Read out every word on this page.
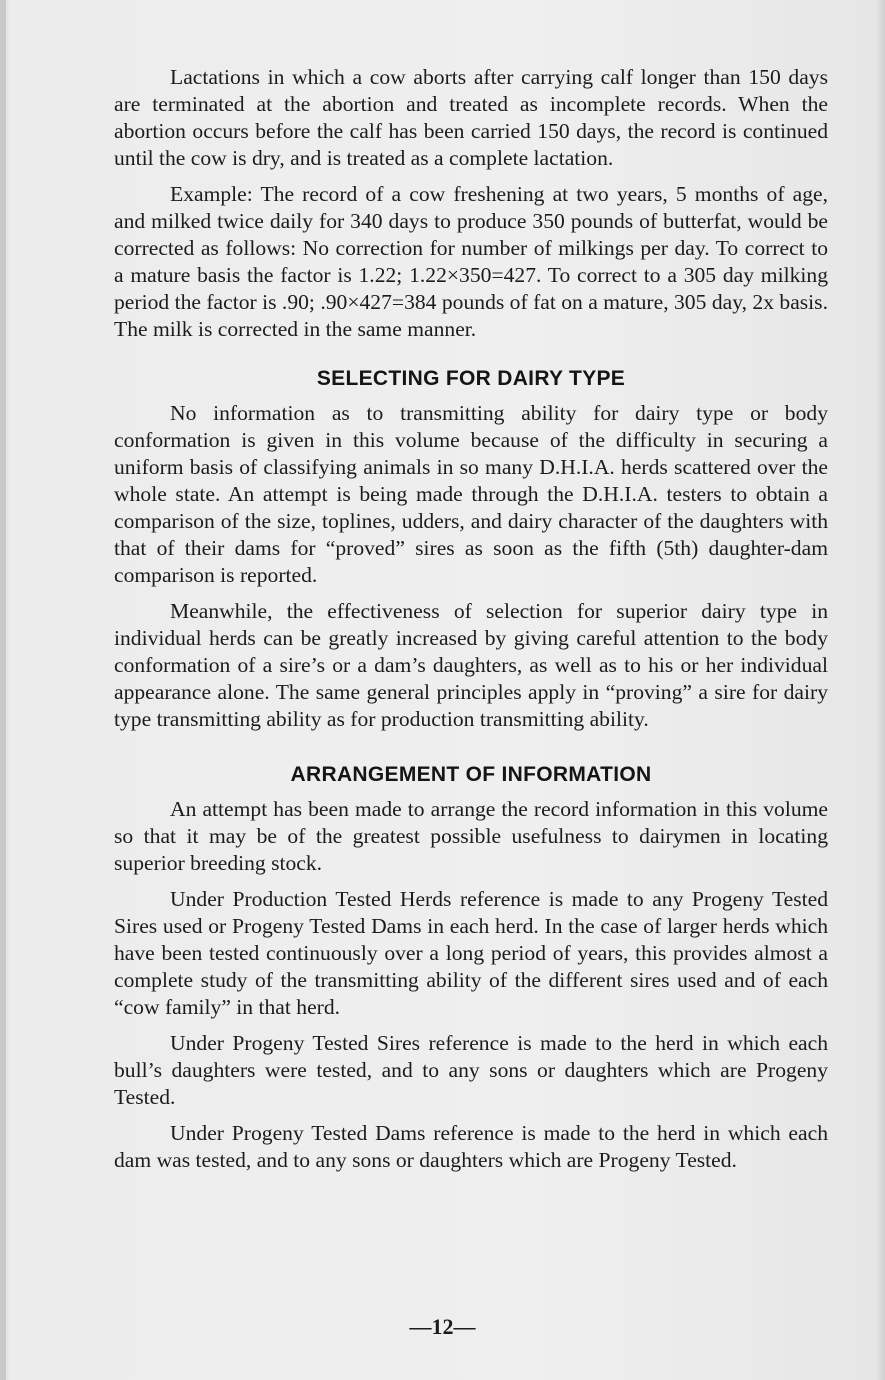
Lactations in which a cow aborts after carrying calf longer than 150 days are terminated at the abortion and treated as incomplete records. When the abortion occurs before the calf has been carried 150 days, the record is continued until the cow is dry, and is treated as a complete lactation.

Example: The record of a cow freshening at two years, 5 months of age, and milked twice daily for 340 days to produce 350 pounds of butterfat, would be corrected as follows: No correction for number of milkings per day. To correct to a mature basis the factor is 1.22; 1.22×350=427. To correct to a 305 day milking period the factor is .90; .90×427=384 pounds of fat on a mature, 305 day, 2x basis. The milk is corrected in the same manner.

SELECTING FOR DAIRY TYPE

No information as to transmitting ability for dairy type or body conformation is given in this volume because of the difficulty in securing a uniform basis of classifying animals in so many D.H.I.A. herds scattered over the whole state. An attempt is being made through the D.H.I.A. testers to obtain a comparison of the size, toplines, udders, and dairy character of the daughters with that of their dams for “proved” sires as soon as the fifth (5th) daughter-dam comparison is reported.

Meanwhile, the effectiveness of selection for superior dairy type in individual herds can be greatly increased by giving careful attention to the body conformation of a sire’s or a dam’s daughters, as well as to his or her individual appearance alone. The same general principles apply in “proving” a sire for dairy type transmitting ability as for production transmitting ability.

ARRANGEMENT OF INFORMATION

An attempt has been made to arrange the record information in this volume so that it may be of the greatest possible usefulness to dairymen in locating superior breeding stock.

Under Production Tested Herds reference is made to any Progeny Tested Sires used or Progeny Tested Dams in each herd. In the case of larger herds which have been tested continuously over a long period of years, this provides almost a complete study of the transmitting ability of the different sires used and of each “cow family” in that herd.

Under Progeny Tested Sires reference is made to the herd in which each bull’s daughters were tested, and to any sons or daughters which are Progeny Tested.

Under Progeny Tested Dams reference is made to the herd in which each dam was tested, and to any sons or daughters which are Progeny Tested.

—12—
